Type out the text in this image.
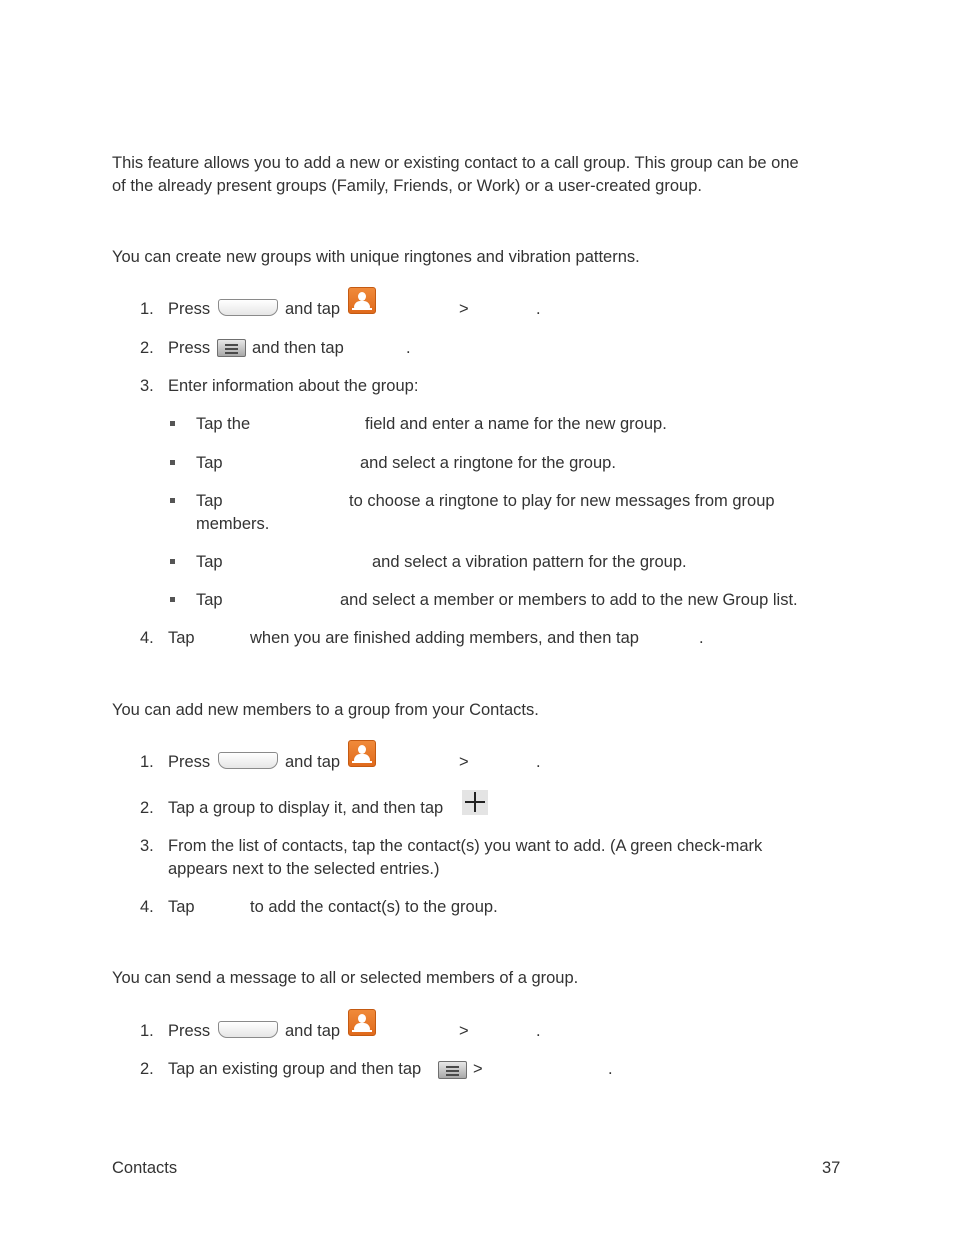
This feature allows you to add a new or existing contact to a call group. This group can be one
of the already present groups (Family, Friends, or Work) or a user-created group.
You can create new groups with unique ringtones and vibration patterns.
1. Press	and tap	>	.
2. Press	and then tap	.
3. Enter information about the group:
Tap the	field and enter a name for the new group.
Tap	and select a ringtone for the group.
Tap	to choose a ringtone to play for new messages from group
members.
Tap	and select a vibration pattern for the group.
Tap	and select a member or members to add to the new Group list.
4. Tap	when you are finished adding members, and then tap	.
You can add new members to a group from your Contacts.
1. Press	and tap	>	.
2. Tap a group to display it, and then tap
3. From the list of contacts, tap the contact(s) you want to add. (A green check-mark
appears next to the selected entries.)
4. Tap	to add the contact(s) to the group.
You can send a message to all or selected members of a group.
1. Press	and tap	>	.
2. Tap an existing group and then tap	>	.
Contacts	37
